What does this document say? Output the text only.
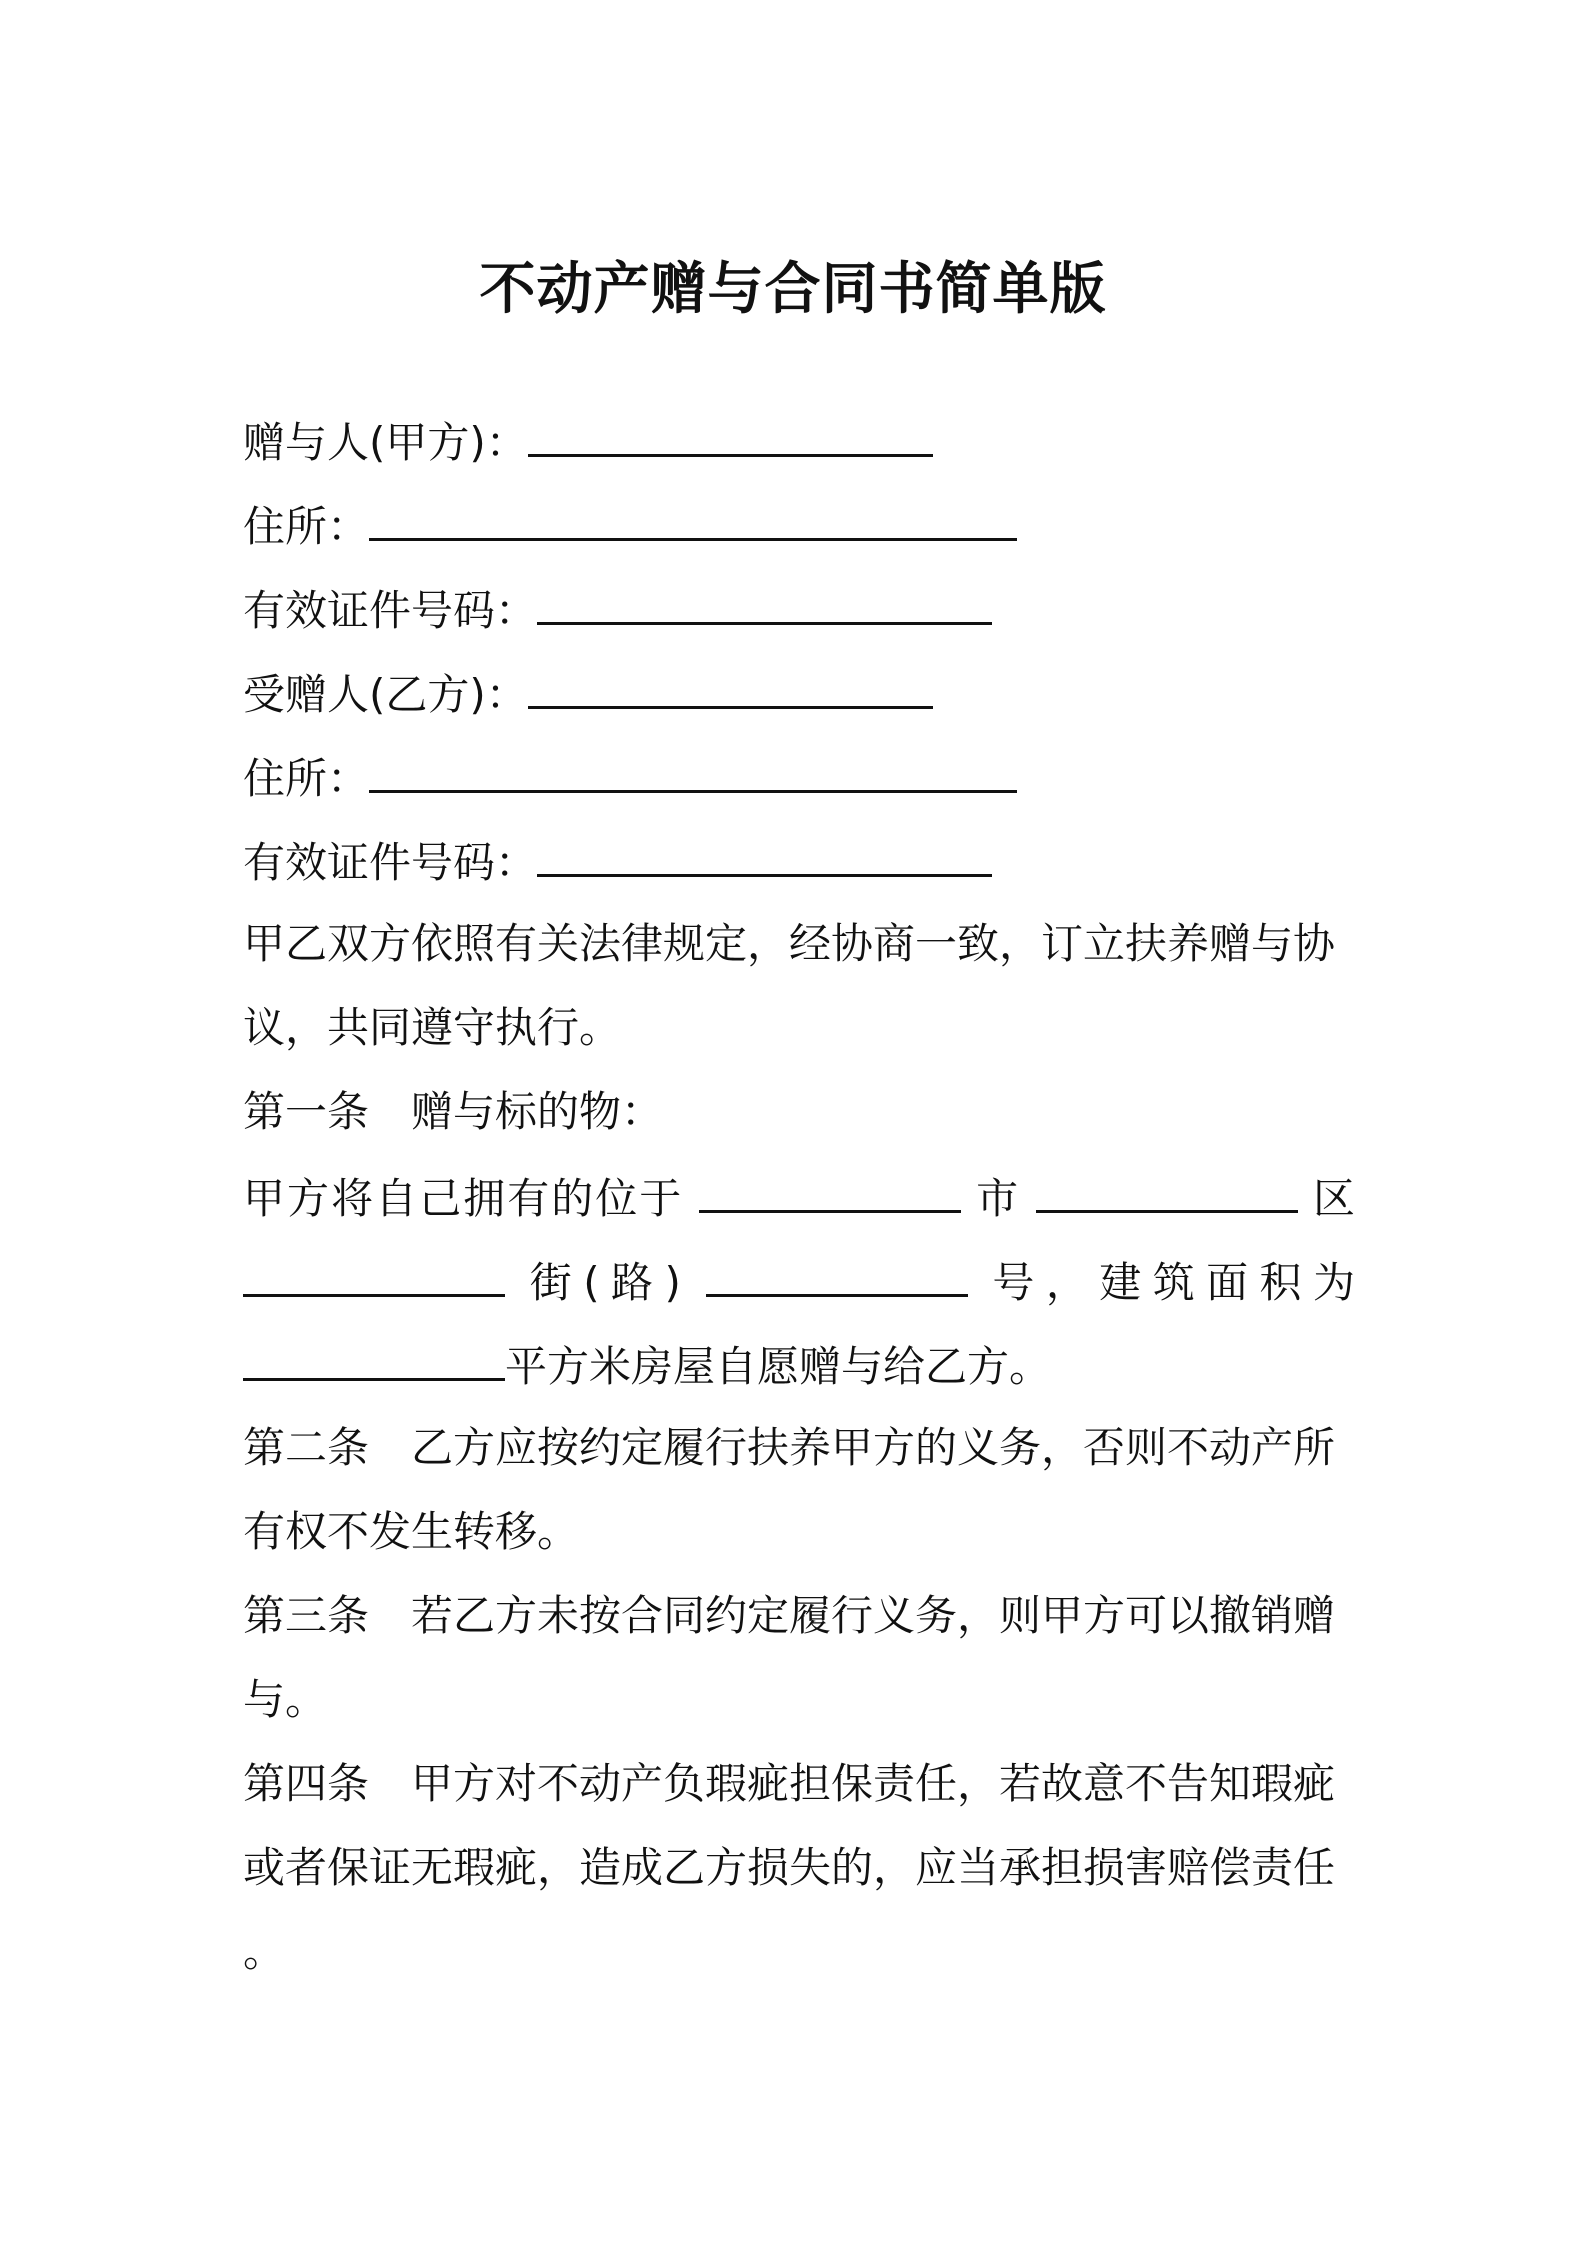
不动产赠与合同书简单版
赠与人(甲方)：
住所：
有效证件号码：
受赠人(乙方)：
住所：
有效证件号码：
甲乙双方依照有关法律规定，经协商一致，订立扶养赠与协
议，共同遵守执行。
第一条　赠与标的物：
甲方将自己拥有的位于	市	区
街(路)	号，建筑面积为
平方米房屋自愿赠与给乙方。
第二条　乙方应按约定履行扶养甲方的义务，否则不动产所
有权不发生转移。
第三条　若乙方未按合同约定履行义务，则甲方可以撤销赠
与。
第四条　甲方对不动产负瑕疵担保责任，若故意不告知瑕疵
或者保证无瑕疵，造成乙方损失的，应当承担损害赔偿责任
。
